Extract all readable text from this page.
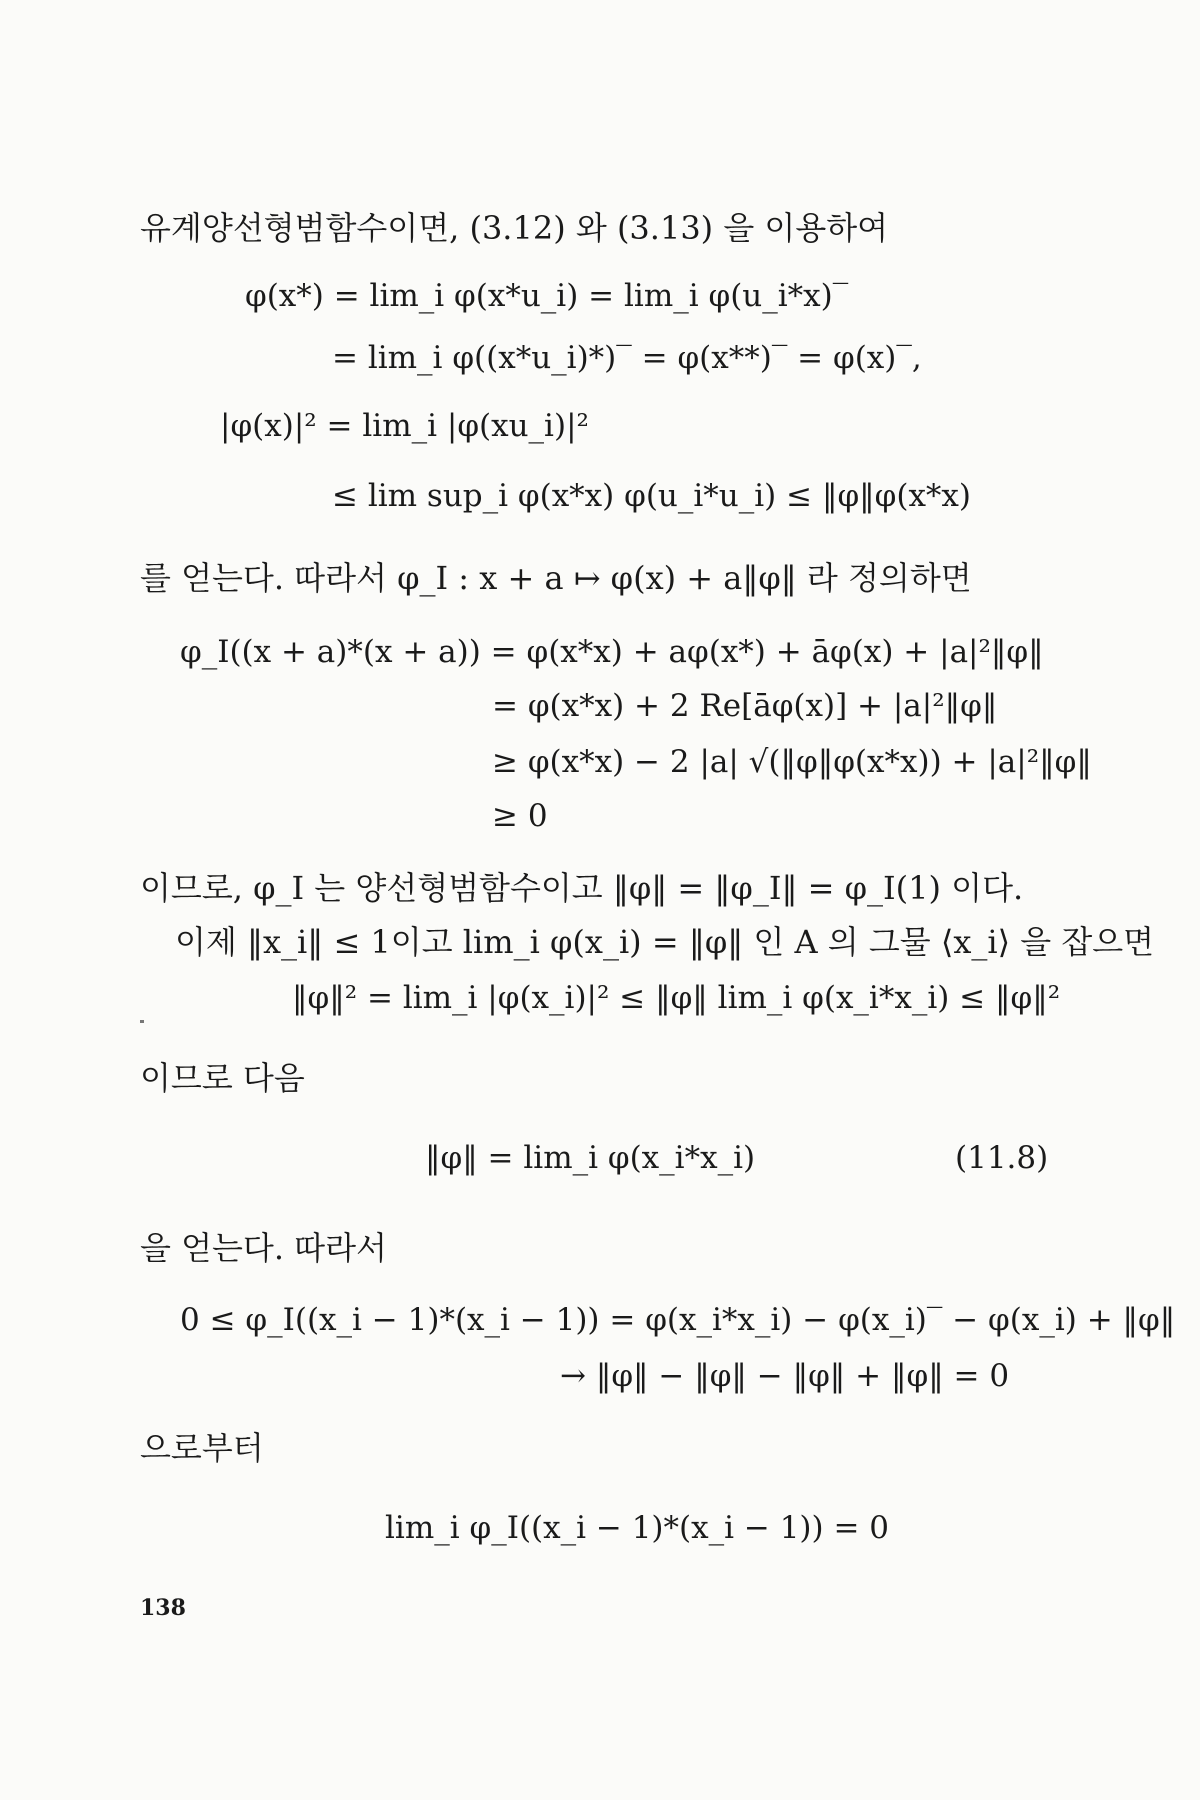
유계양선형범함수이면, (3.12) 와 (3.13) 을 이용하여
φ(x*) = lim_i φ(x*u_i) = lim_i φ(u_i*x)‾
= lim_i φ((x*u_i)*)‾ = φ(x**)‾ = φ(x)‾,
|φ(x)|² = lim_i |φ(xu_i)|²
≤ lim sup_i φ(x*x) φ(u_i*u_i) ≤ ‖φ‖φ(x*x)
를 얻는다. 따라서 φ_I : x + a ↦ φ(x) + a‖φ‖ 라 정의하면
φ_I((x + a)*(x + a)) = φ(x*x) + aφ(x*) + āφ(x) + |a|²‖φ‖
= φ(x*x) + 2 Re[āφ(x)] + |a|²‖φ‖
≥ φ(x*x) − 2 |a| √(‖φ‖φ(x*x)) + |a|²‖φ‖
≥ 0
이므로, φ_I 는 양선형범함수이고 ‖φ‖ = ‖φ_I‖ = φ_I(1) 이다.
이제 ‖x_i‖ ≤ 1이고 lim_i φ(x_i) = ‖φ‖ 인 A 의 그물 ⟨x_i⟩ 을 잡으면
‖φ‖² = lim_i |φ(x_i)|² ≤ ‖φ‖ lim_i φ(x_i*x_i) ≤ ‖φ‖²
이므로 다음
‖φ‖ = lim_i φ(x_i*x_i)	(11.8)
을 얻는다. 따라서
0 ≤ φ_I((x_i − 1)*(x_i − 1)) = φ(x_i*x_i) − φ(x_i)‾ − φ(x_i) + ‖φ‖
→ ‖φ‖ − ‖φ‖ − ‖φ‖ + ‖φ‖ = 0
으로부터
lim_i φ_I((x_i − 1)*(x_i − 1)) = 0
138
